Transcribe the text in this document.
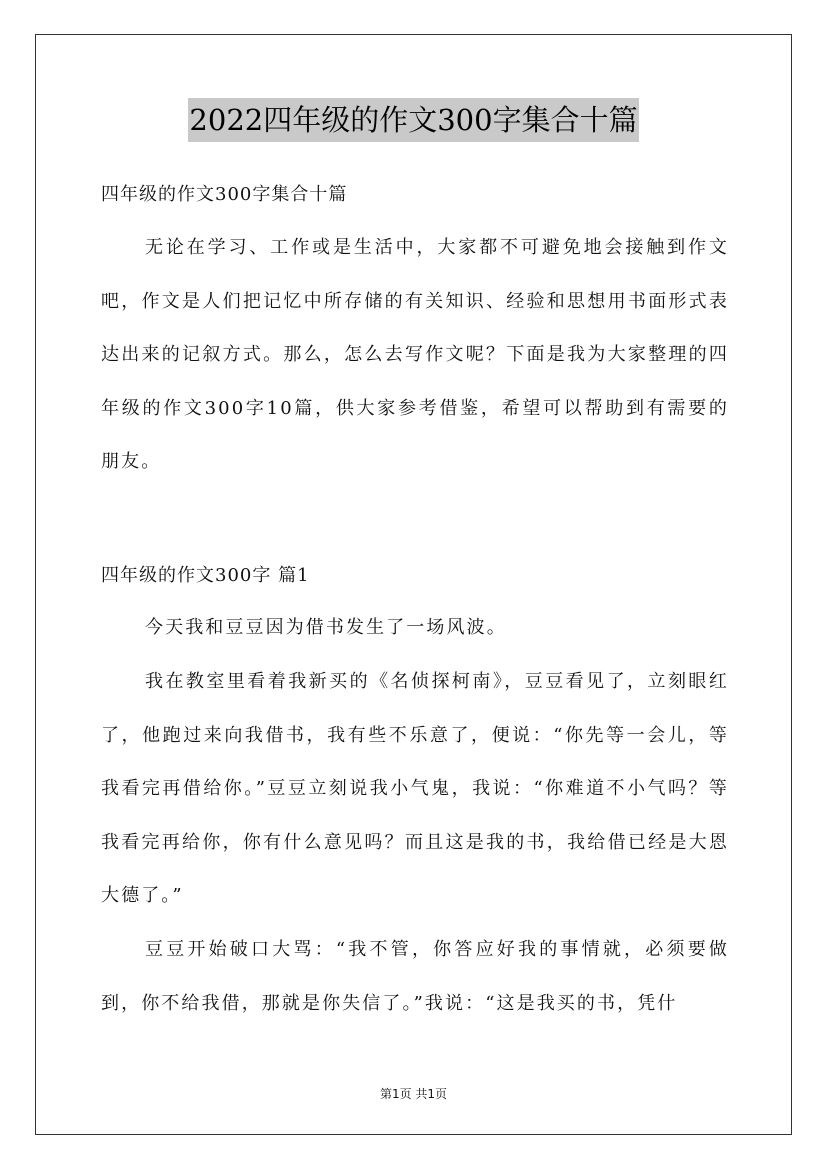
2022四年级的作文300字集合十篇
四年级的作文300字集合十篇

无论在学习、工作或是生活中，大家都不可避免地会接触到作文吧，作文是人们把记忆中所存储的有关知识、经验和思想用书面形式表达出来的记叙方式。那么，怎么去写作文呢？下面是我为大家整理的四年级的作文300字10篇，供大家参考借鉴，希望可以帮助到有需要的朋友。

四年级的作文300字 篇1

今天我和豆豆因为借书发生了一场风波。

我在教室里看着我新买的《名侦探柯南》，豆豆看见了，立刻眼红了，他跑过来向我借书，我有些不乐意了，便说：“你先等一会儿，等我看完再借给你。”豆豆立刻说我小气鬼，我说：“你难道不小气吗？等我看完再给你，你有什么意见吗？而且这是我的书，我给借已经是大恩大德了。”

豆豆开始破口大骂：“我不管，你答应好我的事情就，必须要做到，你不给我借，那就是你失信了。”我说：“这是我买的书，凭什

第1页 共1页
